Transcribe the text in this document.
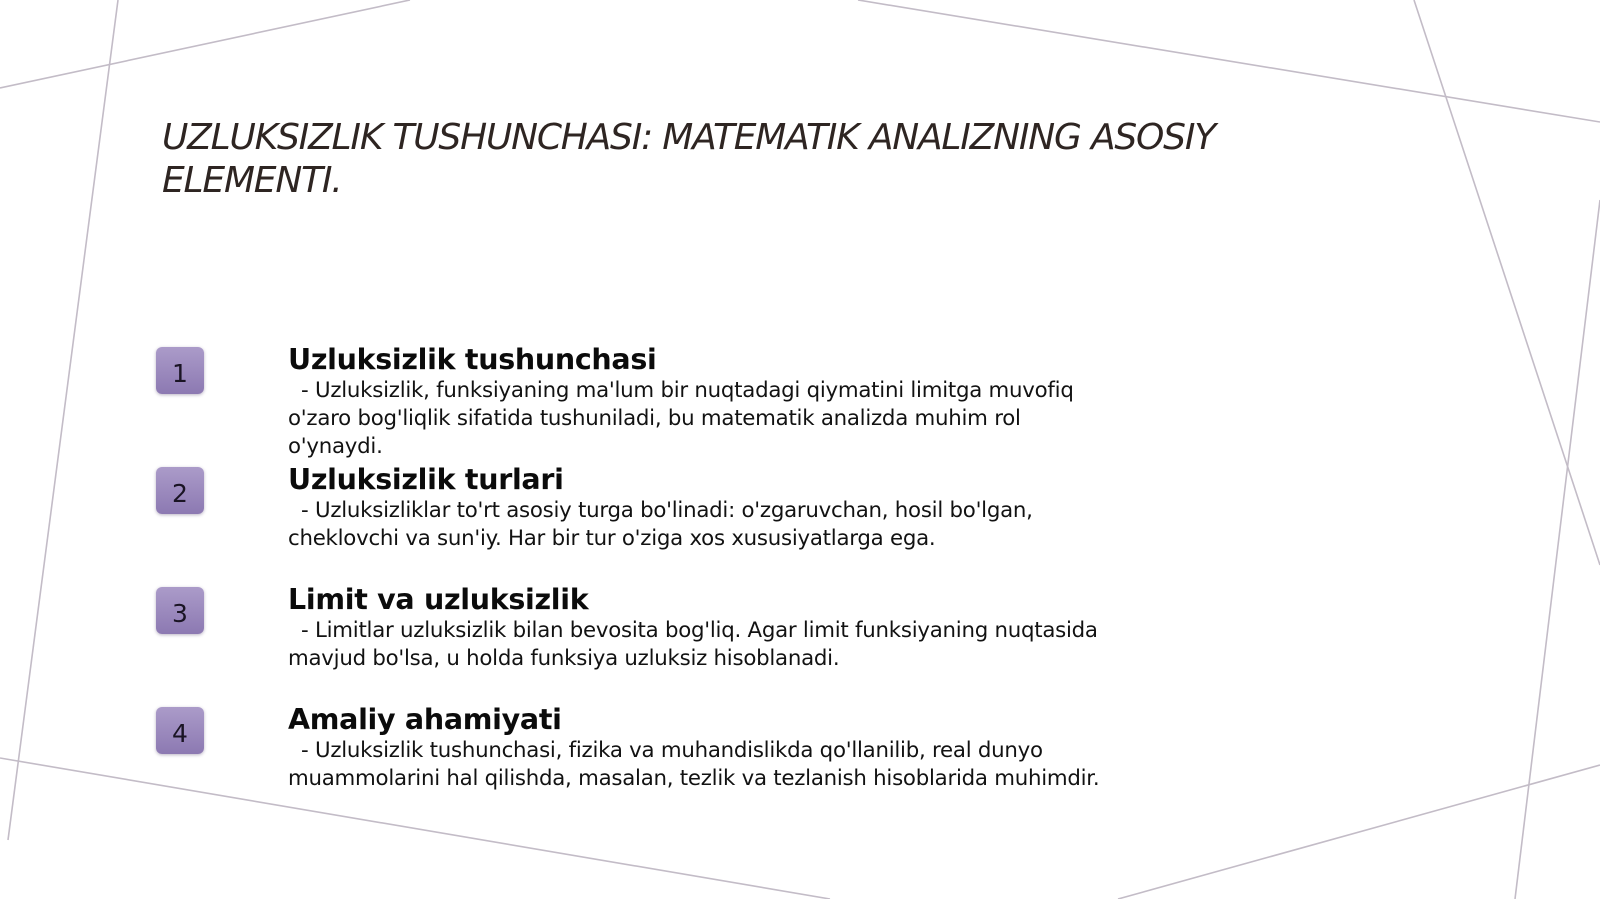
UZLUKSIZLIK TUSHUNCHASI: MATEMATIK ANALIZNING ASOSIY ELEMENTI.
1	Uzluksizlik tushunchasi

- Uzluksizlik, funksiyaning ma'lum bir nuqtadagi qiymatini limitga muvofiq o'zaro bog'liqlik sifatida tushuniladi, bu matematik analizda muhim rol o'ynaydi.

2	Uzluksizlik turlari

- Uzluksizliklar to'rt asosiy turga bo'linadi: o'zgaruvchan, hosil bo'lgan, cheklovchi va sun'iy. Har bir tur o'ziga xos xususiyatlarga ega.

3	Limit va uzluksizlik

- Limitlar uzluksizlik bilan bevosita bog'liq. Agar limit funksiyaning nuqtasida mavjud bo'lsa, u holda funksiya uzluksiz hisoblanadi.

4	Amaliy ahamiyati

- Uzluksizlik tushunchasi, fizika va muhandislikda qo'llanilib, real dunyo muammolarini hal qilishda, masalan, tezlik va tezlanish hisoblarida muhimdir.
